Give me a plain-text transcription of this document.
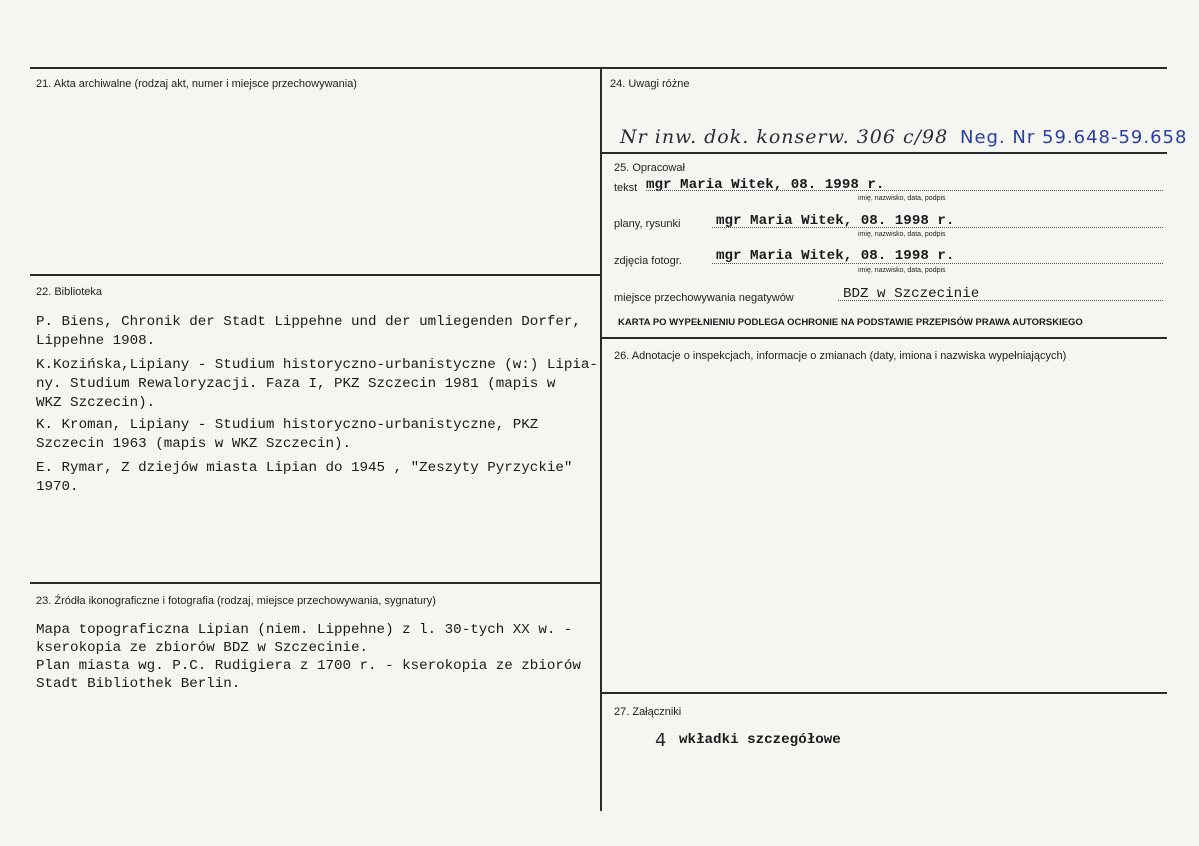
21. Akta archiwalne (rodzaj akt, numer i miejsce przechowywania)
22. Biblioteka
P. Biens, Chronik der Stadt Lippehne und der umliegenden Dorfer,
Lippehne 1908.
K.Kozińska,Lipiany - Studium historyczno-urbanistyczne (w:) Lipia-
ny. Studium Rewaloryzacji. Faza I, PKZ Szczecin 1981 (mapis w
WKZ Szczecin).
K. Kroman, Lipiany - Studium historyczno-urbanistyczne, PKZ
Szczecin 1963 (mapis w WKZ Szczecin).
E. Rymar, Z dziejów miasta Lipian do 1945 , "Zeszyty Pyrzyckie"
1970.
23. Źródła ikonograficzne i fotografia (rodzaj, miejsce przechowywania, sygnatury)
Mapa topograficzna Lipian (niem. Lippehne) z l. 30-tych XX w. -
kserokopia ze zbiorów BDZ w Szczecinie.
Plan miasta wg. P.C. Rudigiera z 1700 r. - kserokopia ze zbiorów
Stadt Bibliothek Berlin.
24. Uwagi różne
Nr inw. dok. konserw. 306 c/98 Neg. Nr 59.648-59.658
25. Opracował
tekst mgr Maria Witek, 08. 1998 r.
imię, nazwisko, data, podpis
plany, rysunki	mgr Maria Witek, 08. 1998 r.
imię, nazwisko, data, podpis
zdjęcia fotogr. mgr Maria Witek, 08. 1998 r.
imię, nazwisko, data, podpis
miejsce przechowywania negatywów	BDZ w Szczecinie
KARTA PO WYPEŁNIENIU PODLEGA OCHRONIE NA PODSTAWIE PRZEPISÓW PRAWA AUTORSKIEGO
26. Adnotacje o inspekcjach, informacje o zmianach (daty, imiona i nazwiska wypełniających)
27. Załączniki
4 wkładki szczegółowe
